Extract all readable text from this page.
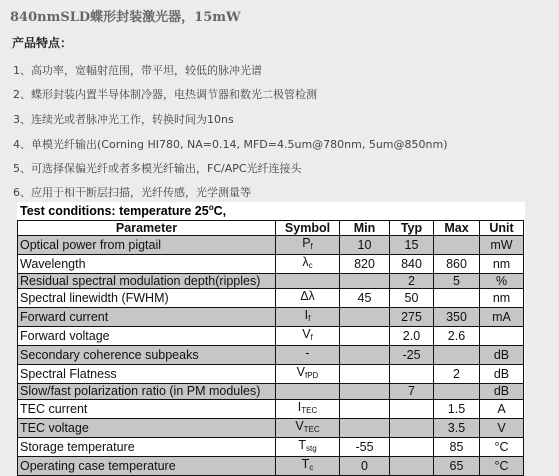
840nmSLD蝶形封装激光器，15mW
产品特点：
1、高功率，宽幅射范围，带平坦，较低的脉冲光谱
2、蝶形封装内置半导体制冷器，电热调节器和数光二极管检测
3、连续光或者脉冲光工作，转换时间为10ns
4、单模光纤输出(Corning HI780, NA=0.14, MFD=4.5um@780nm, 5um@850nm)
5、可选择保偏光纤或者多模光纤输出，FC/APC光纤连接头
6、应用于相干断层扫描，光纤传感，光学测量等
Test conditions: temperature 25$^o$C,
Parameter	Symbol	Min	Typ	Max	Unit
Optical power from pigtail	$P_f$	10	15		mW
Wavelength	$\lambda_c$	820	840	860	nm
Residual spectral modulation depth(ripples)			2	5	%
Spectral linewidth (FWHM)	Δλ	45	50		nm
Forward current	$I_f$		275	350	mA
Forward voltage	$V_f$		2.0	2.6	
Secondary coherence subpeaks	-		-25		dB
Spectral Flatness	$V_{fPD}$			2	dB
Slow/fast polarization ratio (in PM modules)			7		dB
TEC current	$I_{TEC}$			1.5	A
TEC voltage	$V_{TEC}$			3.5	V
Storage temperature	$T_{stg}$	-55		85	°C
Operating case temperature	$T_c$	0		65	°C
